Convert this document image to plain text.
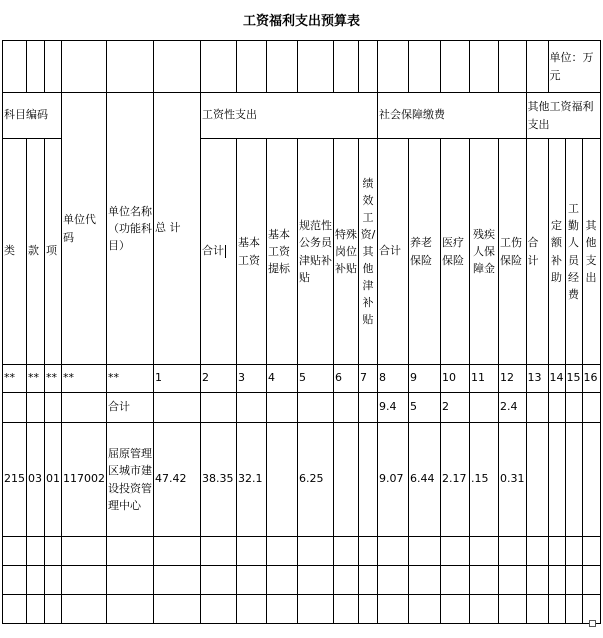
工资福利支出预算表
																		单位：万元		
科目编码			单位代码	单位名称（功能科目）	总 计	工资性支出						社会保障缴费					其他工资福利支出			
类	款	项				合计	基本工资	基本工资提标	规范性公务员津贴补贴	特殊岗位补贴	绩效工资/其他津补贴	合计	养老保险	医疗保险	残疾人保障金	工伤保险	合计	定额补助	工勤人员经费	其他支出
**	**	**	**	**	1	2	3	4	5	6	7	8	9	10	11	12	13	14	15	16
				合计								9.4	5	2		2.4				
215	03	01	117002	屈原管理区城市建设投资管理中心	47.42	38.35	32.1		6.25			9.07	6.44	2.17	.15	0.31				
